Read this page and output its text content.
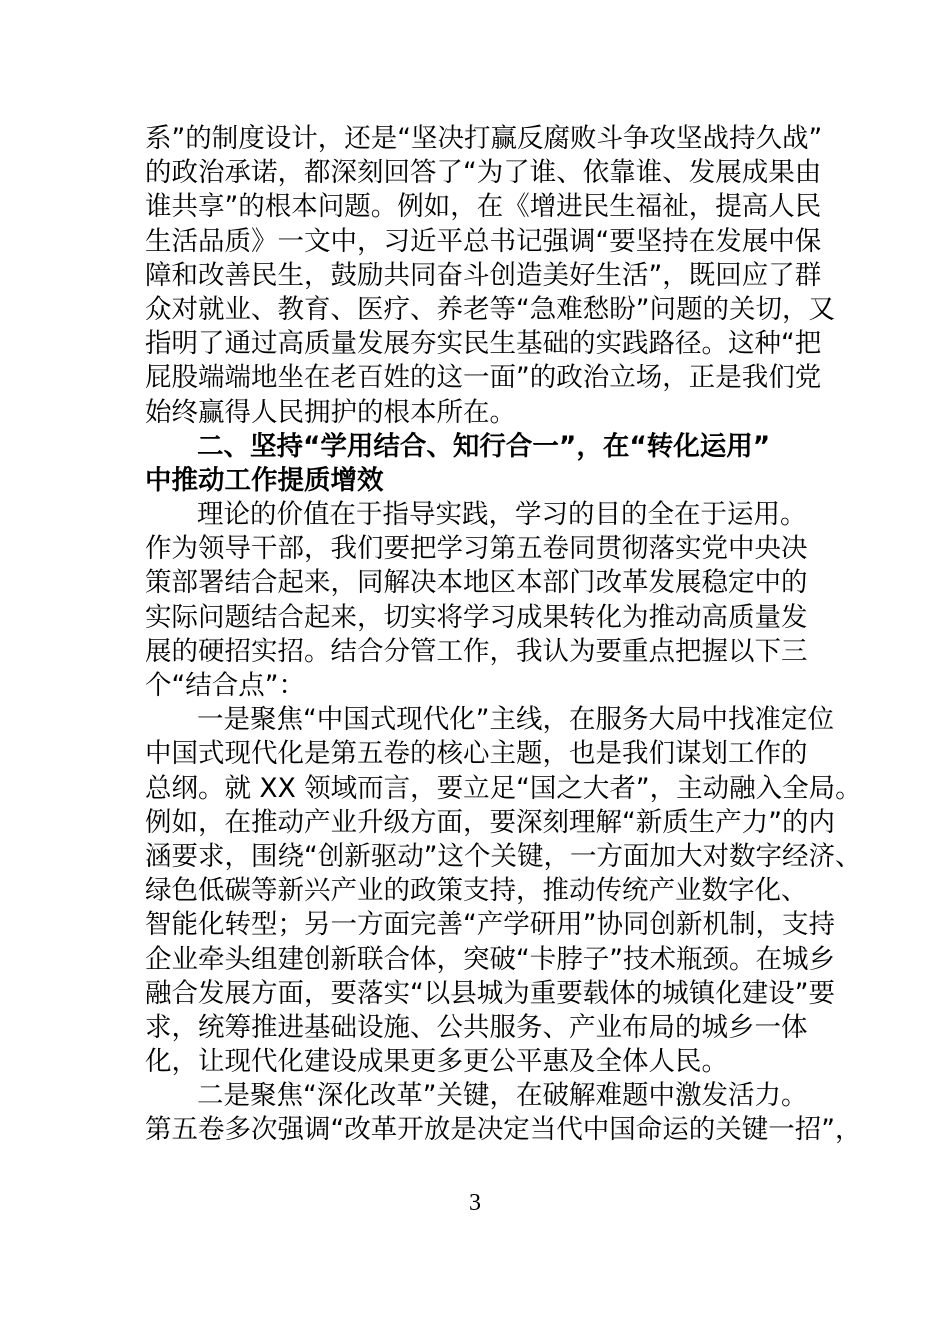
系”的制度设计，还是“坚决打赢反腐败斗争攻坚战持久战”
的政治承诺，都深刻回答了“为了谁、依靠谁、发展成果由
谁共享”的根本问题。例如，在《增进民生福祉，提高人民
生活品质》一文中，习近平总书记强调“要坚持在发展中保
障和改善民生，鼓励共同奋斗创造美好生活”，既回应了群
众对就业、教育、医疗、养老等“急难愁盼”问题的关切，又
指明了通过高质量发展夯实民生基础的实践路径。这种“把
屁股端端地坐在老百姓的这一面”的政治立场，正是我们党
始终赢得人民拥护的根本所在。
二、坚持“学用结合、知行合一”，在“转化运用”
中推动工作提质增效
理论的价值在于指导实践，学习的目的全在于运用。
作为领导干部，我们要把学习第五卷同贯彻落实党中央决
策部署结合起来，同解决本地区本部门改革发展稳定中的
实际问题结合起来，切实将学习成果转化为推动高质量发
展的硬招实招。结合分管工作，我认为要重点把握以下三
个“结合点”：
一是聚焦“中国式现代化”主线，在服务大局中找准定位
中国式现代化是第五卷的核心主题，也是我们谋划工作的
总纲。就 XX 领域而言，要立足“国之大者”，主动融入全局。
例如，在推动产业升级方面，要深刻理解“新质生产力”的内
涵要求，围绕“创新驱动”这个关键，一方面加大对数字经济、
绿色低碳等新兴产业的政策支持，推动传统产业数字化、
智能化转型；另一方面完善“产学研用”协同创新机制，支持
企业牵头组建创新联合体，突破“卡脖子”技术瓶颈。在城乡
融合发展方面，要落实“以县城为重要载体的城镇化建设”要
求，统筹推进基础设施、公共服务、产业布局的城乡一体
化，让现代化建设成果更多更公平惠及全体人民。
二是聚焦“深化改革”关键，在破解难题中激发活力。
第五卷多次强调“改革开放是决定当代中国命运的关键一招”，
3
